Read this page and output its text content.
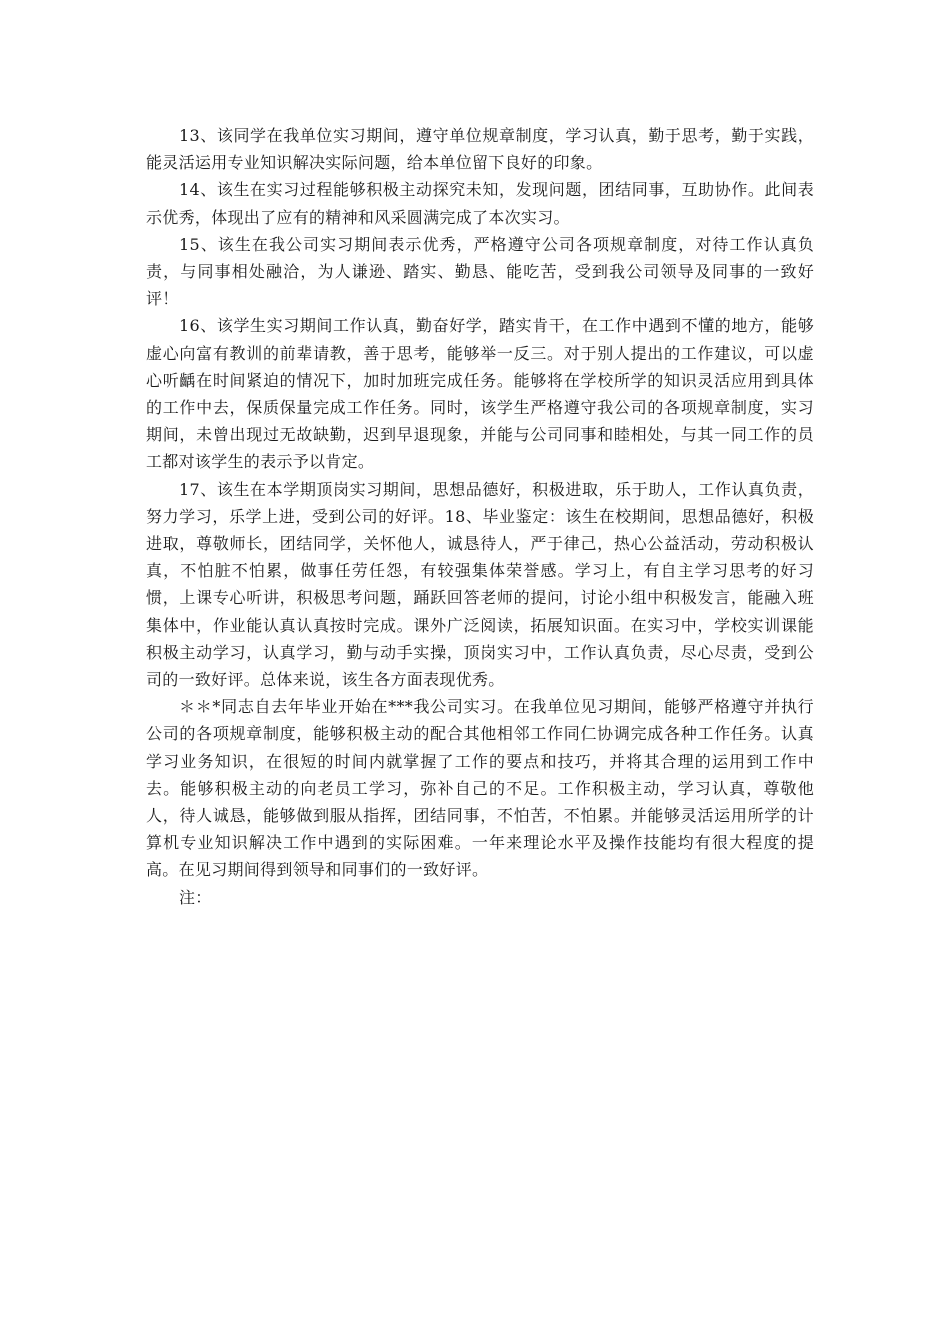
13、该同学在我单位实习期间，遵守单位规章制度，学习认真，勤于思考，勤于实践，能灵活运用专业知识解决实际问题，给本单位留下良好的印象。

14、该生在实习过程能够积极主动探究未知，发现问题，团结同事，互助协作。此间表示优秀，体现出了应有的精神和风采圆满完成了本次实习。

15、该生在我公司实习期间表示优秀，严格遵守公司各项规章制度，对待工作认真负责，与同事相处融洽，为人谦逊、踏实、勤恳、能吃苦，受到我公司领导及同事的一致好评！

16、该学生实习期间工作认真，勤奋好学，踏实肯干，在工作中遇到不懂的地方，能够虚心向富有教训的前辈请教，善于思考，能够举一反三。对于别人提出的工作建议，可以虚心听齲在时间紧迫的情况下，加时加班完成任务。能够将在学校所学的知识灵活应用到具体的工作中去，保质保量完成工作任务。同时，该学生严格遵守我公司的各项规章制度，实习期间，未曾出现过无故缺勤，迟到早退现象，并能与公司同事和睦相处，与其一同工作的员工都对该学生的表示予以肯定。

17、该生在本学期顶岗实习期间，思想品德好，积极进取，乐于助人，工作认真负责，努力学习，乐学上进，受到公司的好评。18、毕业鉴定：该生在校期间，思想品德好，积极进取，尊敬师长，团结同学，关怀他人，诚恳待人，严于律己，热心公益活动，劳动积极认真，不怕脏不怕累，做事任劳任怨，有较强集体荣誉感。学习上，有自主学习思考的好习惯，上课专心听讲，积极思考问题，踊跃回答老师的提问，讨论小组中积极发言，能融入班集体中，作业能认真认真按时完成。课外广泛阅读，拓展知识面。在实习中，学校实训课能积极主动学习，认真学习，勤与动手实操，顶岗实习中，工作认真负责，尽心尽责，受到公司的一致好评。总体来说，该生各方面表现优秀。

＊＊*同志自去年毕业开始在***我公司实习。在我单位见习期间，能够严格遵守并执行公司的各项规章制度，能够积极主动的配合其他相邻工作同仁协调完成各种工作任务。认真学习业务知识，在很短的时间内就掌握了工作的要点和技巧，并将其合理的运用到工作中去。能够积极主动的向老员工学习，弥补自己的不足。工作积极主动，学习认真，尊敬他人，待人诚恳，能够做到服从指挥，团结同事，不怕苦，不怕累。并能够灵活运用所学的计算机专业知识解决工作中遇到的实际困难。一年来理论水平及操作技能均有很大程度的提高。在见习期间得到领导和同事们的一致好评。

注：
